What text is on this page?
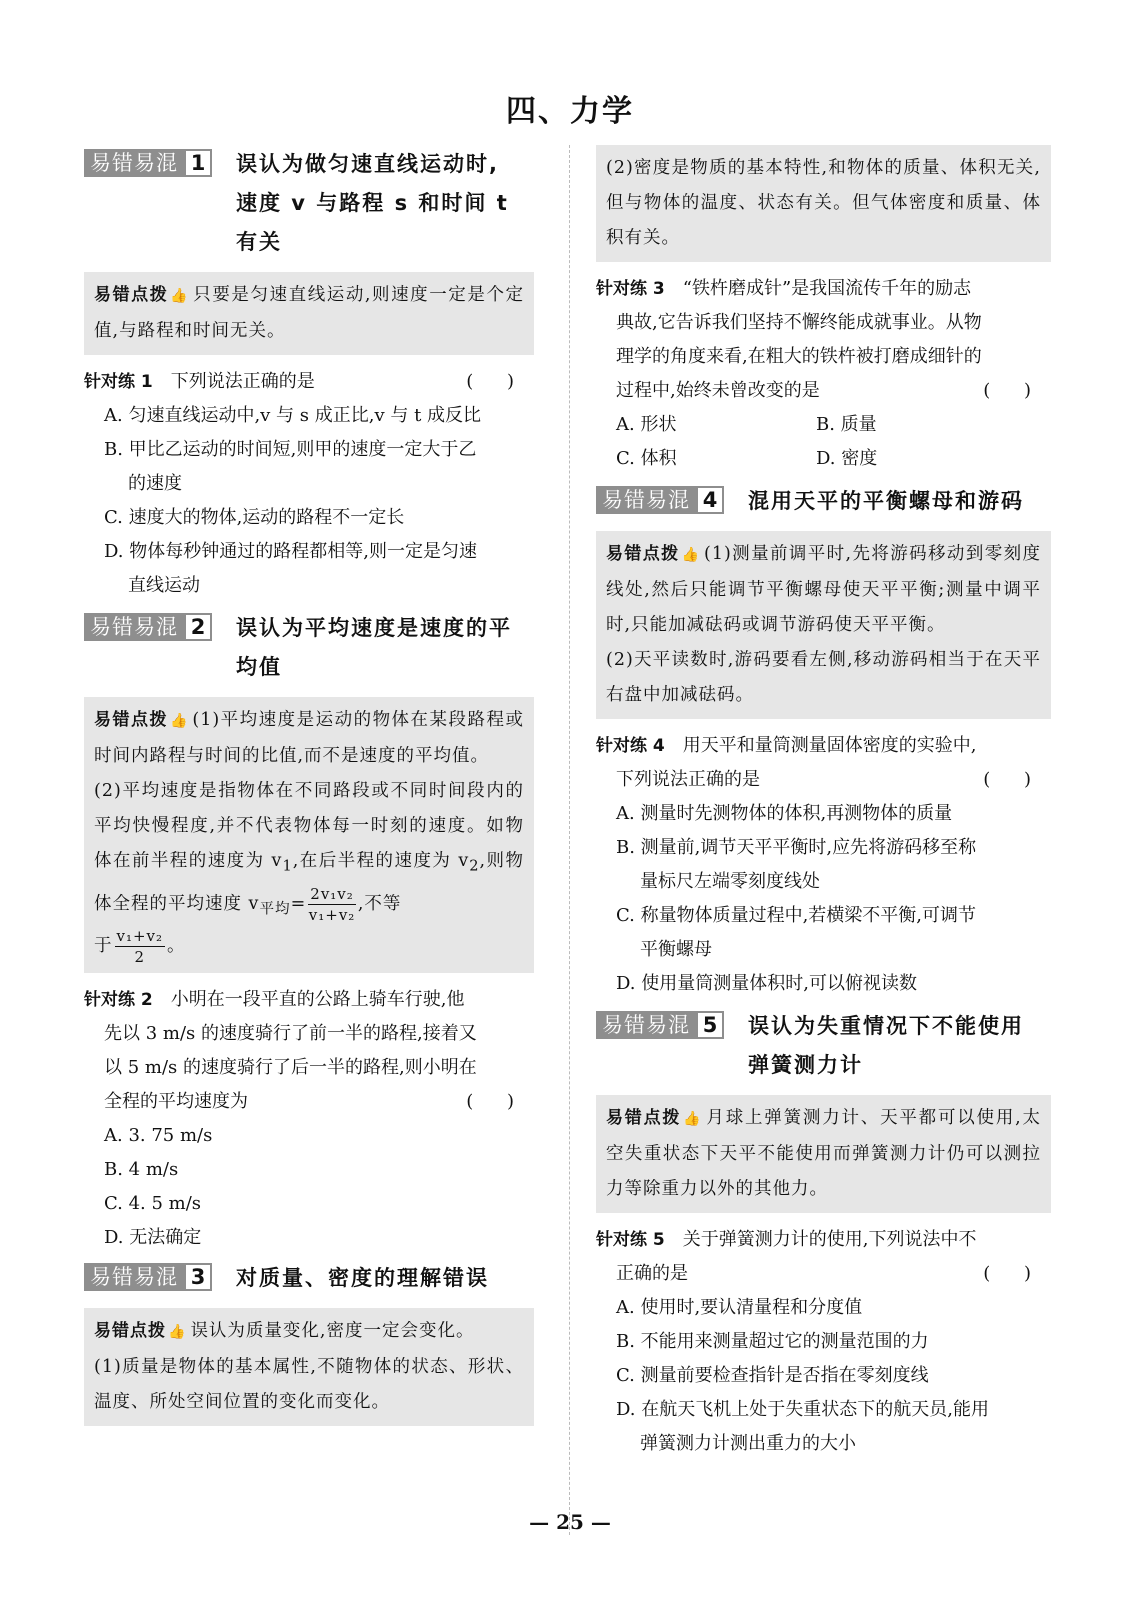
四、力学
易错易混 1	误认为做匀速直线运动时,
速度 v 与路程 s 和时间 t
有关
易错点拨 👍 只要是匀速直线运动,则速度一定是个定值,与路程和时间无关。
针对练 1 下列说法正确的是	( )
A. 匀速直线运动中,v 与 s 成正比,v 与 t 成反比
B. 甲比乙运动的时间短,则甲的速度一定大于乙
的速度
C. 速度大的物体,运动的路程不一定长
D. 物体每秒钟通过的路程都相等,则一定是匀速
直线运动
易错易混 2	误认为平均速度是速度的平
均值
易错点拨 👍 (1)平均速度是运动的物体在某段路程或时间内路程与时间的比值,而不是速度的平均值。
(2)平均速度是指物体在不同路段或不同时间段内的平均快慢程度,并不代表物体每一时刻的速度。如物体在前半程的速度为 $v_1$,在后半程的速度为 $v_2$,则物体全程的平均速度 $v_{平均}= \frac{\text{2v₁v₂}}{\text{v₁+v₂}}$ ,不等
于 $\frac{\text{v₁+v₂}}{2}$ 。
针对练 2 小明在一段平直的公路上骑车行驶,他
先以 3 m/s 的速度骑行了前一半的路程,接着又
以 5 m/s 的速度骑行了后一半的路程,则小明在
全程的平均速度为	( )
A. 3. 75 m/s
B. 4 m/s
C. 4. 5 m/s
D. 无法确定
易错易混 3	对质量、密度的理解错误
易错点拨 👍 误认为质量变化,密度一定会变化。
(1)质量是物体的基本属性,不随物体的状态、形状、温度、所处空间位置的变化而变化。
(2)密度是物质的基本特性,和物体的质量、体积无关,但与物体的温度、状态有关。但气体密度和质量、体积有关。
针对练 3 “铁杵磨成针”是我国流传千年的励志
典故,它告诉我们坚持不懈终能成就事业。从物
理学的角度来看,在粗大的铁杵被打磨成细针的
过程中,始终未曾改变的是	( )
A. 形状	B. 质量
C. 体积	D. 密度
易错易混 4	混用天平的平衡螺母和游码
易错点拨 👍 (1)测量前调平时,先将游码移动到零刻度线处,然后只能调节平衡螺母使天平平衡;测量中调平时,只能加减砝码或调节游码使天平平衡。
(2)天平读数时,游码要看左侧,移动游码相当于在天平右盘中加减砝码。
针对练 4 用天平和量筒测量固体密度的实验中,
下列说法正确的是	( )
A. 测量时先测物体的体积,再测物体的质量
B. 测量前,调节天平平衡时,应先将游码移至称
量标尺左端零刻度线处
C. 称量物体质量过程中,若横梁不平衡,可调节
平衡螺母
D. 使用量筒测量体积时,可以俯视读数
易错易混 5	误认为失重情况下不能使用
弹簧测力计
易错点拨 👍 月球上弹簧测力计、天平都可以使用,太空失重状态下天平不能使用而弹簧测力计仍可以测拉力等除重力以外的其他力。
针对练 5 关于弹簧测力计的使用,下列说法中不
正确的是	( )
A. 使用时,要认清量程和分度值
B. 不能用来测量超过它的测量范围的力
C. 测量前要检查指针是否指在零刻度线
D. 在航天飞机上处于失重状态下的航天员,能用
弹簧测力计测出重力的大小
— 25 —
